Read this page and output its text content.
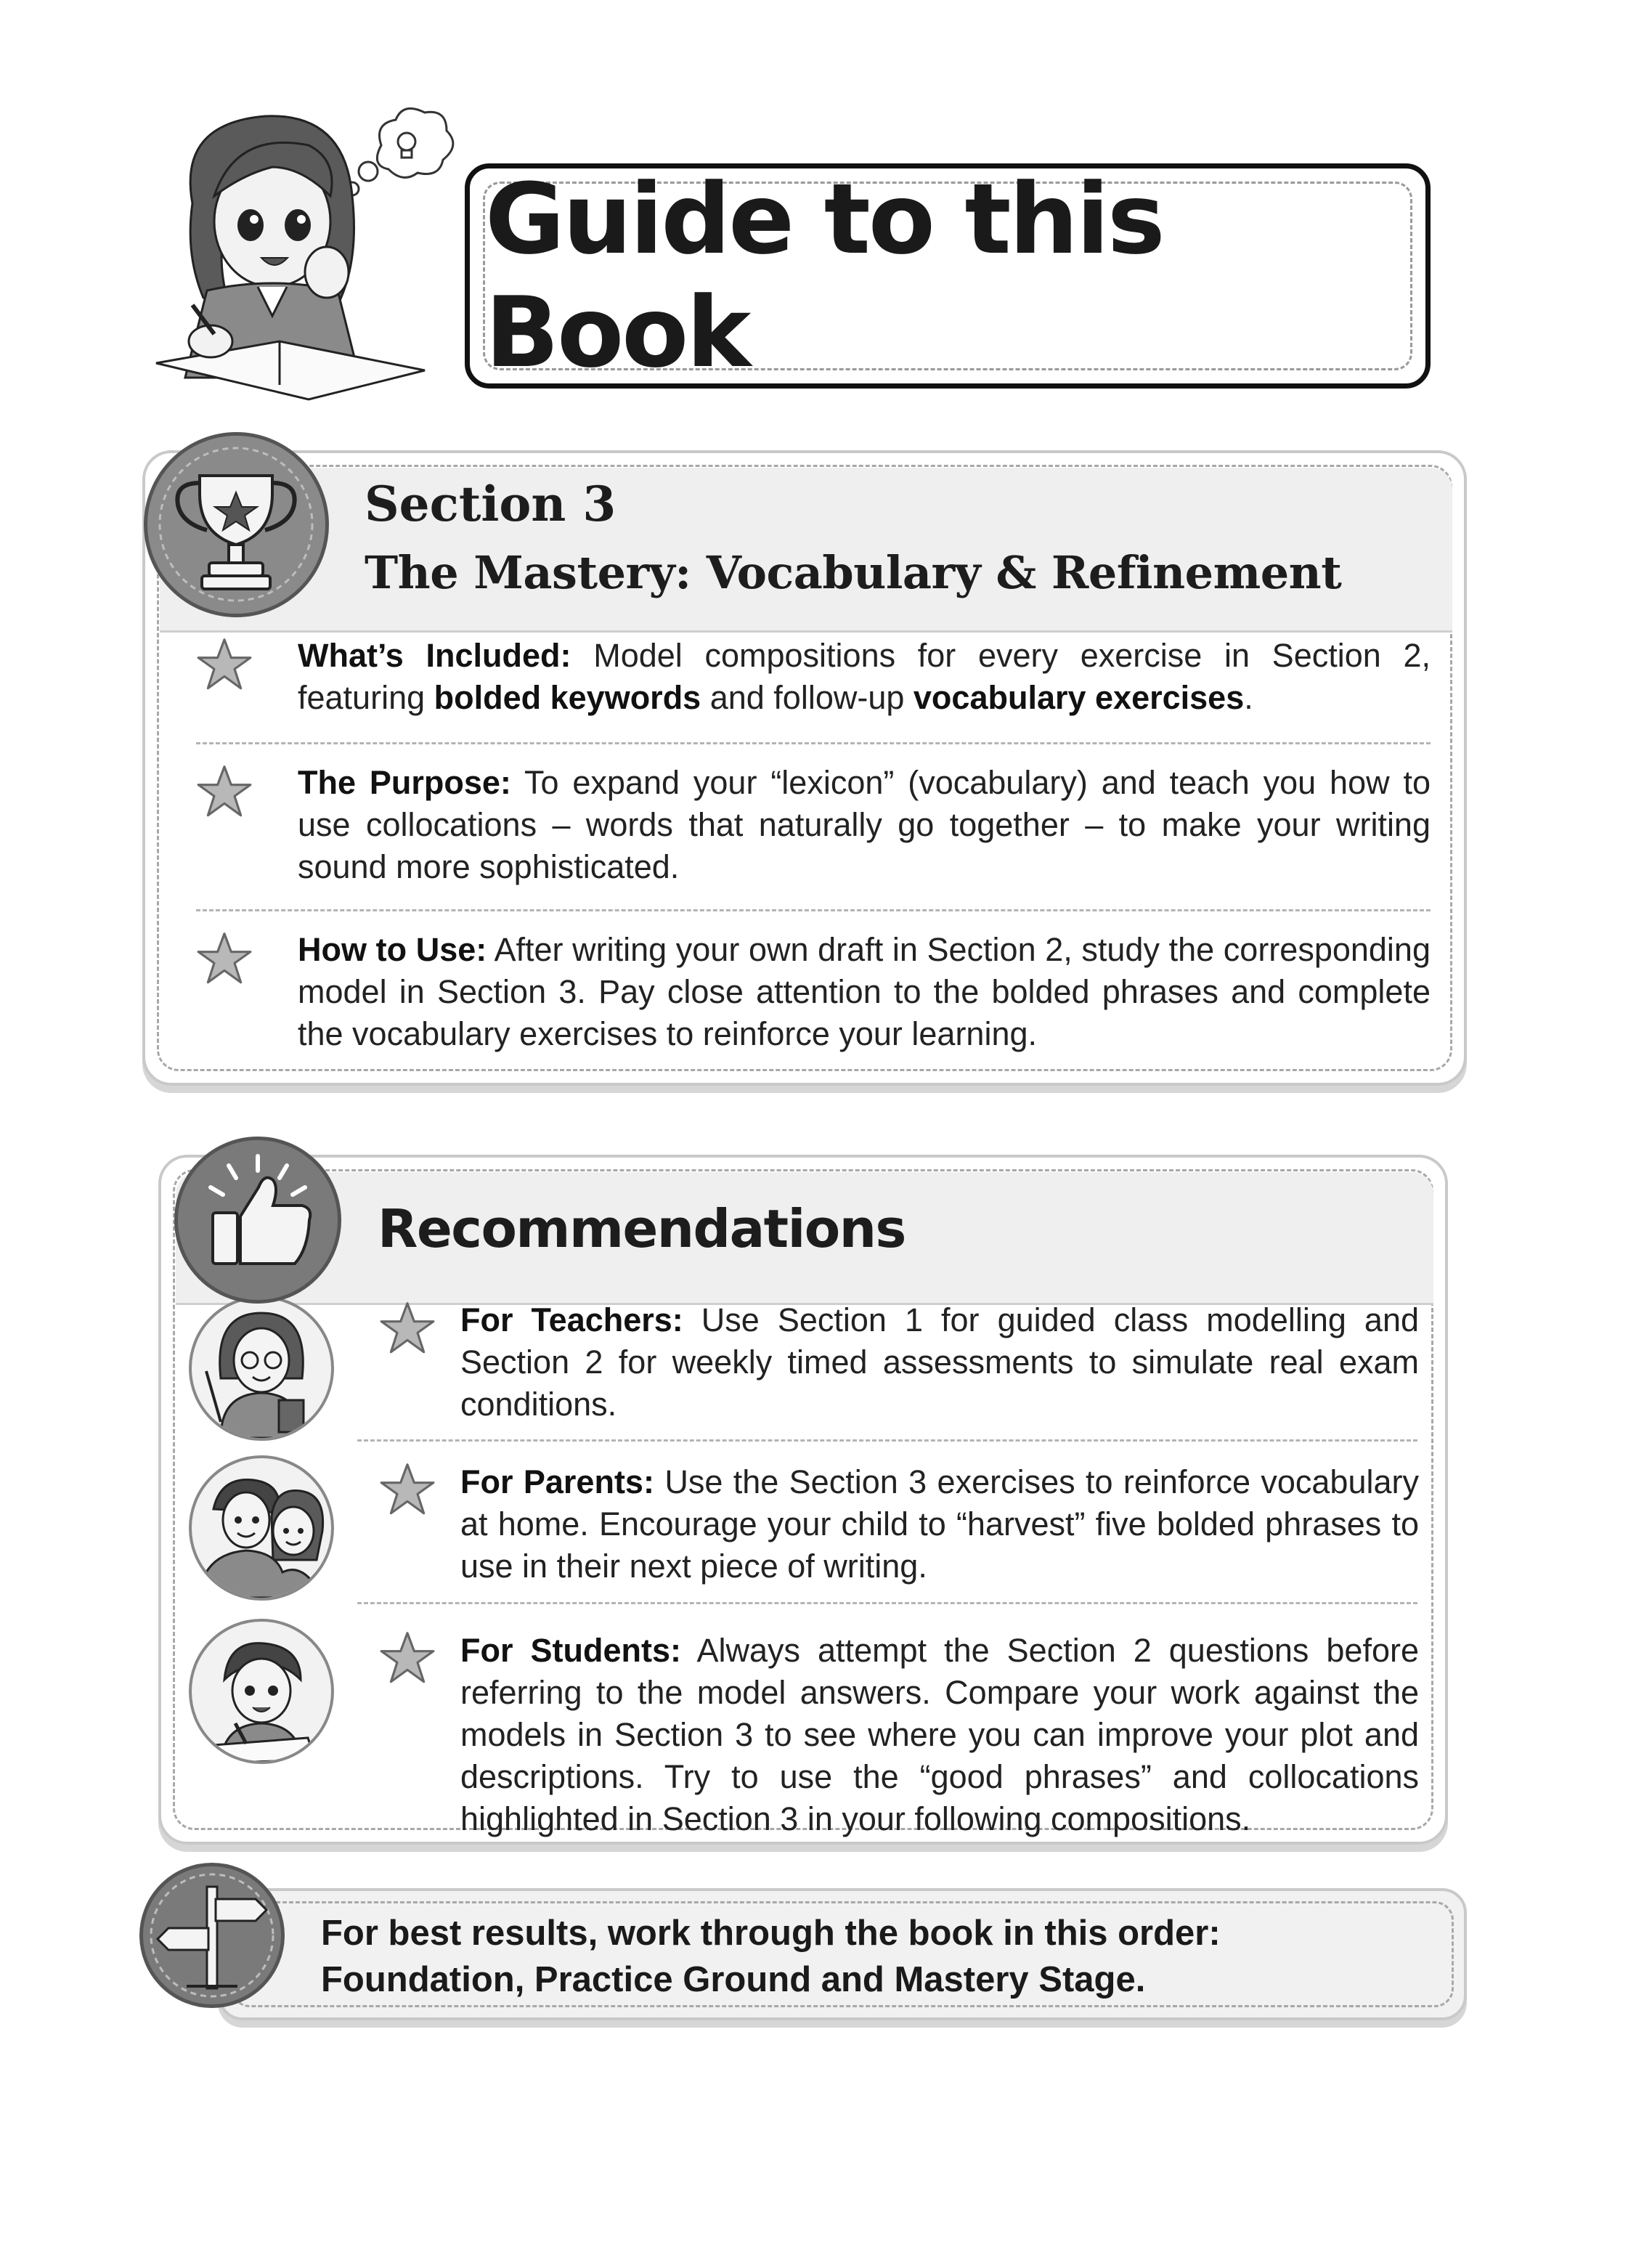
Guide to this Book
Section 3
The Mastery: Vocabulary & Refinement
What’s Included: Model compositions for every exercise in Section 2, featuring bolded keywords and follow-up vocabulary exercises.
The Purpose: To expand your “lexicon” (vocabulary) and teach you how to use collocations – words that naturally go together – to make your writing sound more sophisticated.
How to Use: After writing your own draft in Section 2, study the corresponding model in Section 3. Pay close attention to the bolded phrases and complete the vocabulary exercises to reinforce your learning.
Recommendations
For Teachers: Use Section 1 for guided class modelling and Section 2 for weekly timed assessments to simulate real exam conditions.
For Parents: Use the Section 3 exercises to reinforce vocabulary at home. Encourage your child to “harvest” five bolded phrases to use in their next piece of writing.
For Students: Always attempt the Section 2 questions before referring to the model answers. Compare your work against the models in Section 3 to see where you can improve your plot and descriptions. Try to use the “good phrases” and collocations highlighted in Section 3 in your following compositions.
For best results, work through the book in this order:
Foundation, Practice Ground and Mastery Stage.
